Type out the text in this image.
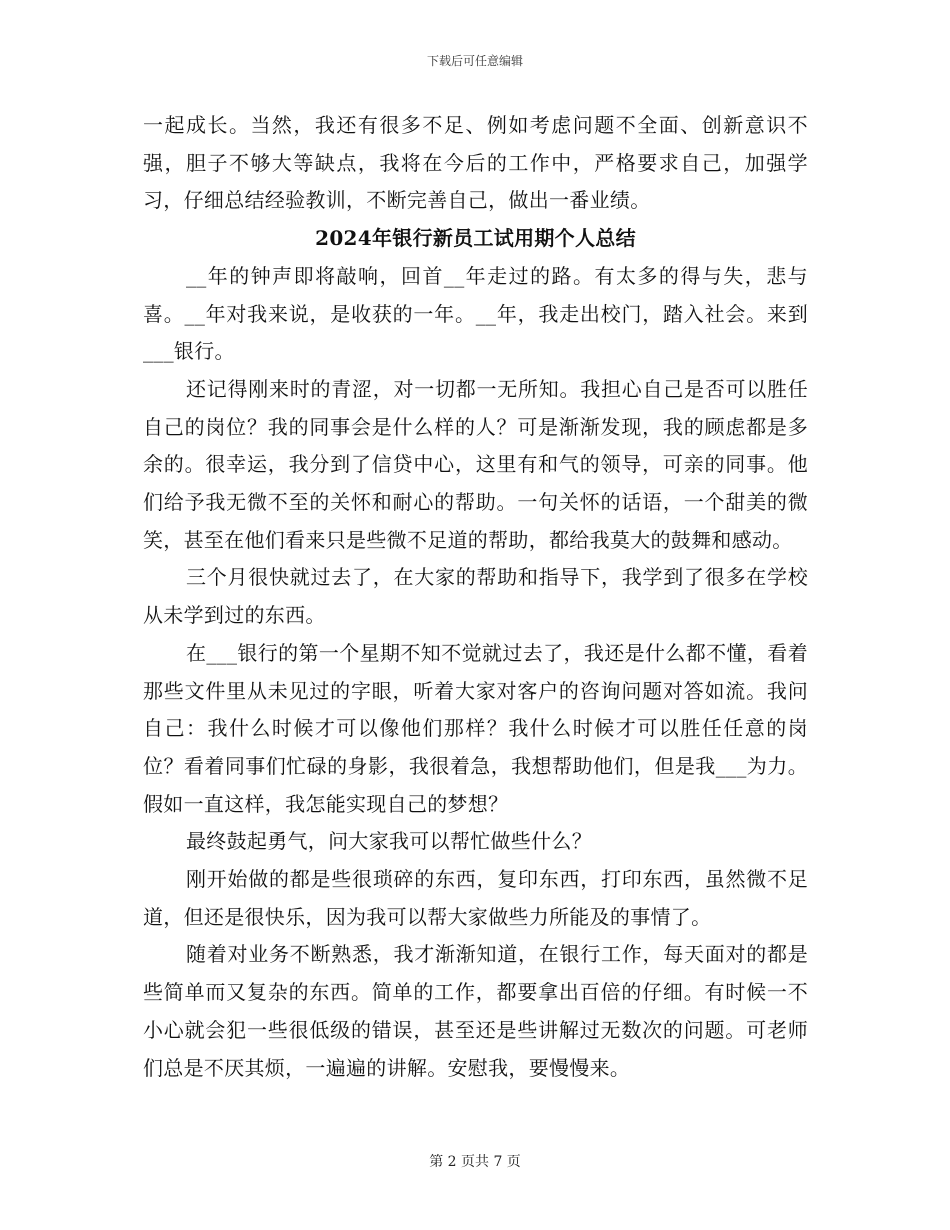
下载后可任意编辑

一起成长。当然，我还有很多不足、例如考虑问题不全面、创新意识不强，胆子不够大等缺点，我将在今后的工作中，严格要求自己，加强学习，仔细总结经验教训，不断完善自己，做出一番业绩。

2024年银行新员工试用期个人总结

__年的钟声即将敲响，回首__年走过的路。有太多的得与失，悲与喜。__年对我来说，是收获的一年。__年，我走出校门，踏入社会。来到___银行。

还记得刚来时的青涩，对一切都一无所知。我担心自己是否可以胜任自己的岗位？我的同事会是什么样的人？可是渐渐发现，我的顾虑都是多余的。很幸运，我分到了信贷中心，这里有和气的领导，可亲的同事。他们给予我无微不至的关怀和耐心的帮助。一句关怀的话语，一个甜美的微笑，甚至在他们看来只是些微不足道的帮助，都给我莫大的鼓舞和感动。

三个月很快就过去了，在大家的帮助和指导下，我学到了很多在学校从未学到过的东西。

在___银行的第一个星期不知不觉就过去了，我还是什么都不懂，看着那些文件里从未见过的字眼，听着大家对客户的咨询问题对答如流。我问自己：我什么时候才可以像他们那样？我什么时候才可以胜任任意的岗位？看着同事们忙碌的身影，我很着急，我想帮助他们，但是我___为力。假如一直这样，我怎能实现自己的梦想？

最终鼓起勇气，问大家我可以帮忙做些什么？

刚开始做的都是些很琐碎的东西，复印东西，打印东西，虽然微不足道，但还是很快乐，因为我可以帮大家做些力所能及的事情了。

随着对业务不断熟悉，我才渐渐知道，在银行工作，每天面对的都是些简单而又复杂的东西。简单的工作，都要拿出百倍的仔细。有时候一不小心就会犯一些很低级的错误，甚至还是些讲解过无数次的问题。可老师们总是不厌其烦，一遍遍的讲解。安慰我，要慢慢来。

第 2 页共 7 页
